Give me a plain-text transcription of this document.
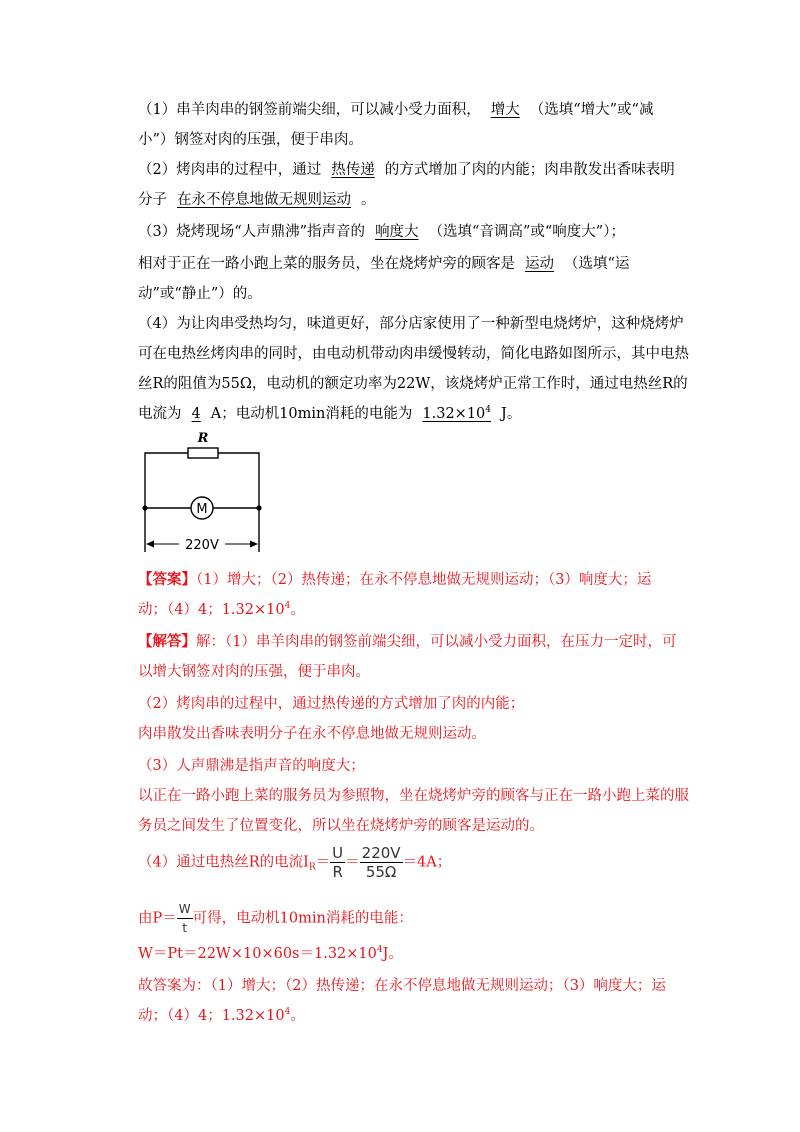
（1）串羊肉串的钢签前端尖细，可以减小受力面积， 增大 （选填“增大”或“减
小”）钢签对肉的压强，便于串肉。
（2）烤肉串的过程中，通过 热传递 的方式增加了肉的内能；肉串散发出香味表明
分子 在永不停息地做无规则运动 。
（3）烧烤现场“人声鼎沸”指声音的 响度大 （选填“音调高”或“响度大”）；
相对于正在一路小跑上菜的服务员，坐在烧烤炉旁的顾客是 运动 （选填“运
动”或“静止”）的。
（4）为让肉串受热均匀，味道更好，部分店家使用了一种新型电烧烤炉，这种烧烤炉
可在电热丝烤肉串的同时，由电动机带动肉串缓慢转动，简化电路如图所示，其中电热
丝R的阻值为55Ω，电动机的额定功率为22W，该烧烤炉正常工作时，通过电热丝R的
电流为 4 A；电动机10min消耗的电能为 $1.32\times 10^4$ J。
R
M
220V
【答案】（1）增大；（2）热传递；在永不停息地做无规则运动；（3）响度大；运
动；（4）4；$1.32\times 10^4$。
【解答】解：（1）串羊肉串的钢签前端尖细，可以减小受力面积，在压力一定时，可
以增大钢签对肉的压强，便于串肉。
（2）烤肉串的过程中，通过热传递的方式增加了肉的内能；
肉串散发出香味表明分子在永不停息地做无规则运动。
（3）人声鼎沸是指声音的响度大；
以正在一路小跑上菜的服务员为参照物，坐在烧烤炉旁的顾客与正在一路小跑上菜的服
务员之间发生了位置变化，所以坐在烧烤炉旁的顾客是运动的。
（4）通过电热丝R的电流$I_R= \frac{U}{R} = \frac{220V}{55\Omega} =4A$；
由$P= \frac{W}{t}$ 可得，电动机10min消耗的电能：
$W=Pt=22W\times 10\times 60s=1.32\times 10^4J$。
故答案为：（1）增大；（2）热传递；在永不停息地做无规则运动；（3）响度大；运
动；（4）4；$1.32\times 10^4$。
